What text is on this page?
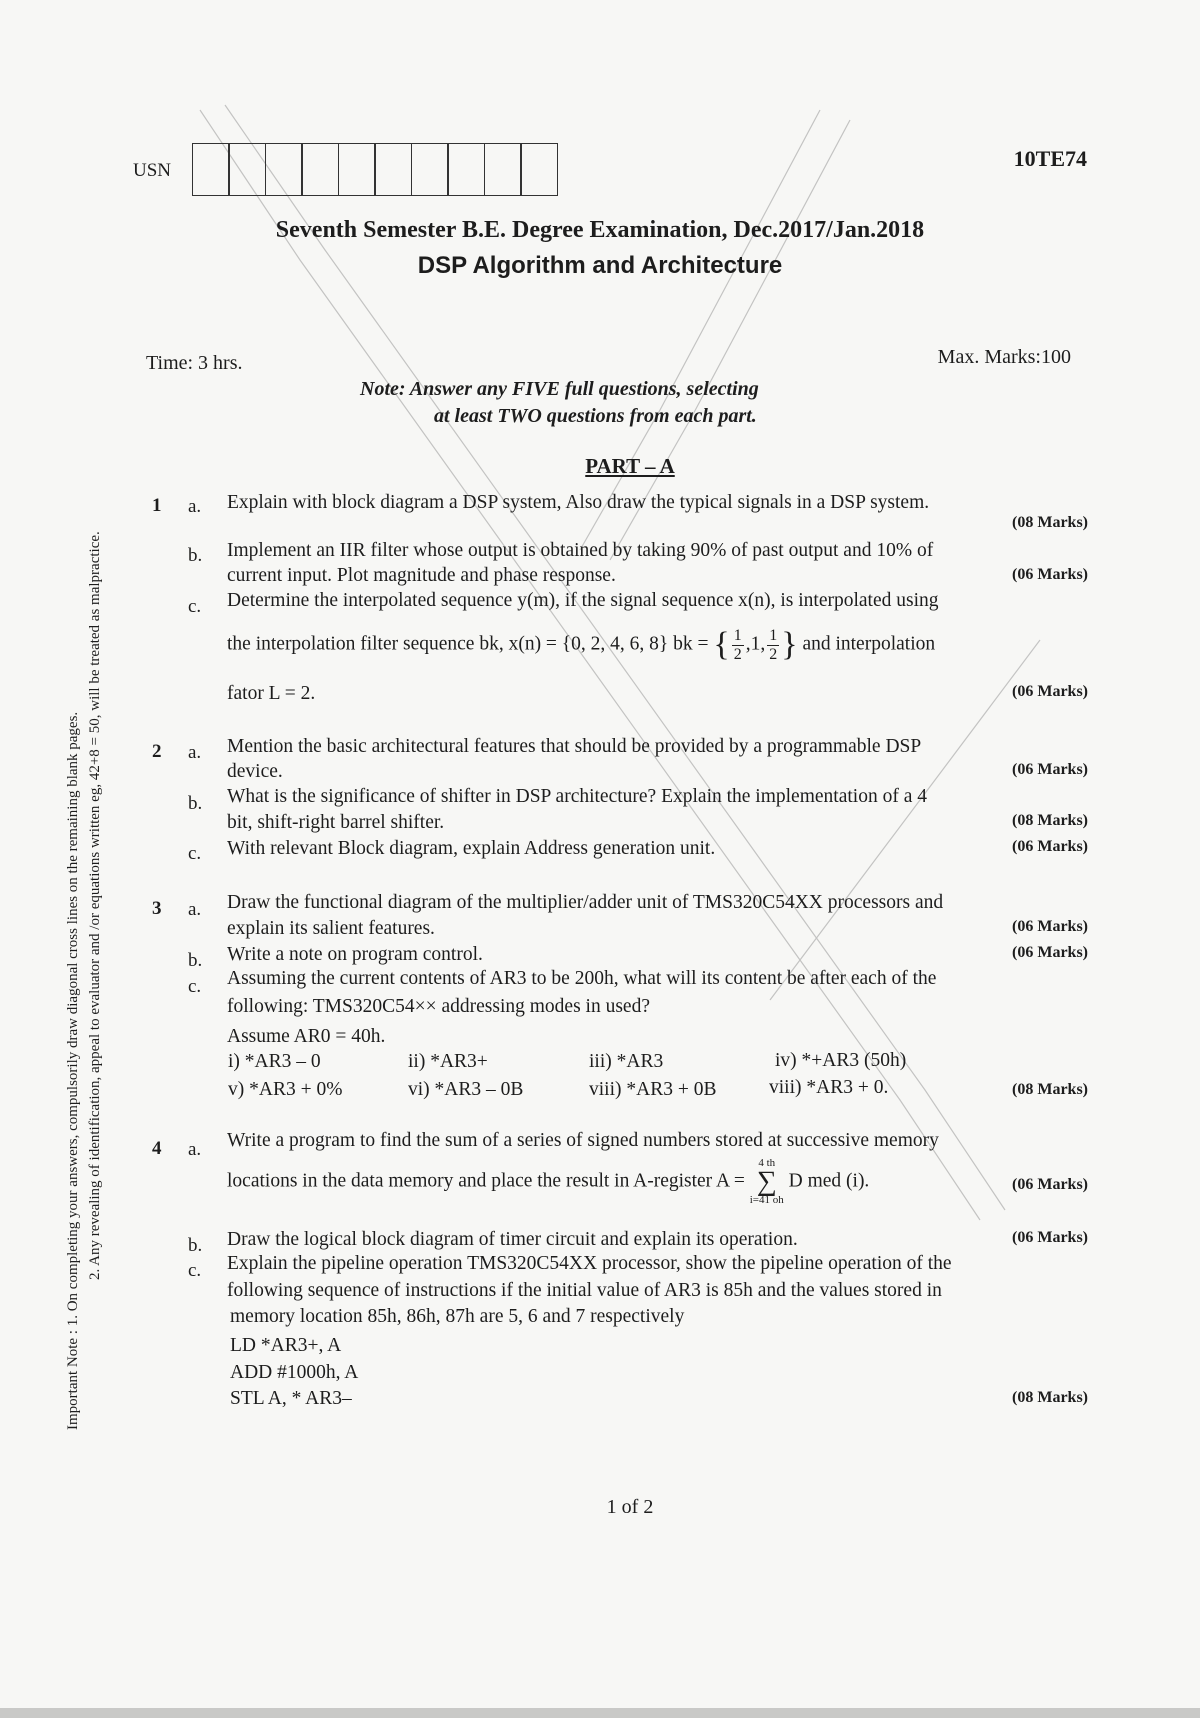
USN	10TE74
Seventh Semester B.E. Degree Examination, Dec.2017/Jan.2018
DSP Algorithm and Architecture
Time: 3 hrs.	Max. Marks:100
Note: Answer any FIVE full questions, selecting
at least TWO questions from each part.
PART – A
Important Note : 1. On completing your answers, compulsorily draw diagonal cross lines on the remaining blank pages. 2. Any revealing of identification, appeal to evaluator and /or equations written eg, 42+8 = 50, will be treated as malpractice.
1 a. Explain with block diagram a DSP system, Also draw the typical signals in a DSP system.
(08 Marks)
b. Implement an IIR filter whose output is obtained by taking 90% of past output and 10% of
current input. Plot magnitude and phase response.	(06 Marks)
c. Determine the interpolated sequence y(m), if the signal sequence x(n), is interpolated using
the interpolation filter sequence bk, x(n) = {0, 2, 4, 6, 8} bk = { $\frac{1}{2} ,1$, $\frac{1}{2}$ } and interpolation
fator L = 2.	(06 Marks)
2 a. Mention the basic architectural features that should be provided by a programmable DSP
device.	(06 Marks)
b. What is the significance of shifter in DSP architecture? Explain the implementation of a 4
bit, shift-right barrel shifter.	(08 Marks)
c. With relevant Block diagram, explain Address generation unit.	(06 Marks)
3 a. Draw the functional diagram of the multiplier/adder unit of TMS320C54XX processors and
explain its salient features.	(06 Marks)
b. Write a note on program control.	(06 Marks)
c. Assuming the current contents of AR3 to be 200h, what will its content be after each of the
following: TMS320C54×× addressing modes in used?
Assume AR0 = 40h.
i) *AR3 – 0	ii) *AR3+	iii) *AR3	iv) *+AR3 (50h)
v) *AR3 + 0%	vi) *AR3 – 0B	viii) *AR3 + 0B	viii) *AR3 + 0.	(08 Marks)
4 a. Write a program to find the sum of a series of signed numbers stored at successive memory
locations in the data memory and place the result in A-register A = 4 th
∑
i=41 oh D med (i).	(06 Marks)
b. Draw the logical block diagram of timer circuit and explain its operation.	(06 Marks)
c. Explain the pipeline operation TMS320C54XX processor, show the pipeline operation of the
following sequence of instructions if the initial value of AR3 is 85h and the values stored in
memory location 85h, 86h, 87h are 5, 6 and 7 respectively
LD *AR3+, A
ADD #1000h, A
STL A, * AR3–	(08 Marks)
1 of 2
